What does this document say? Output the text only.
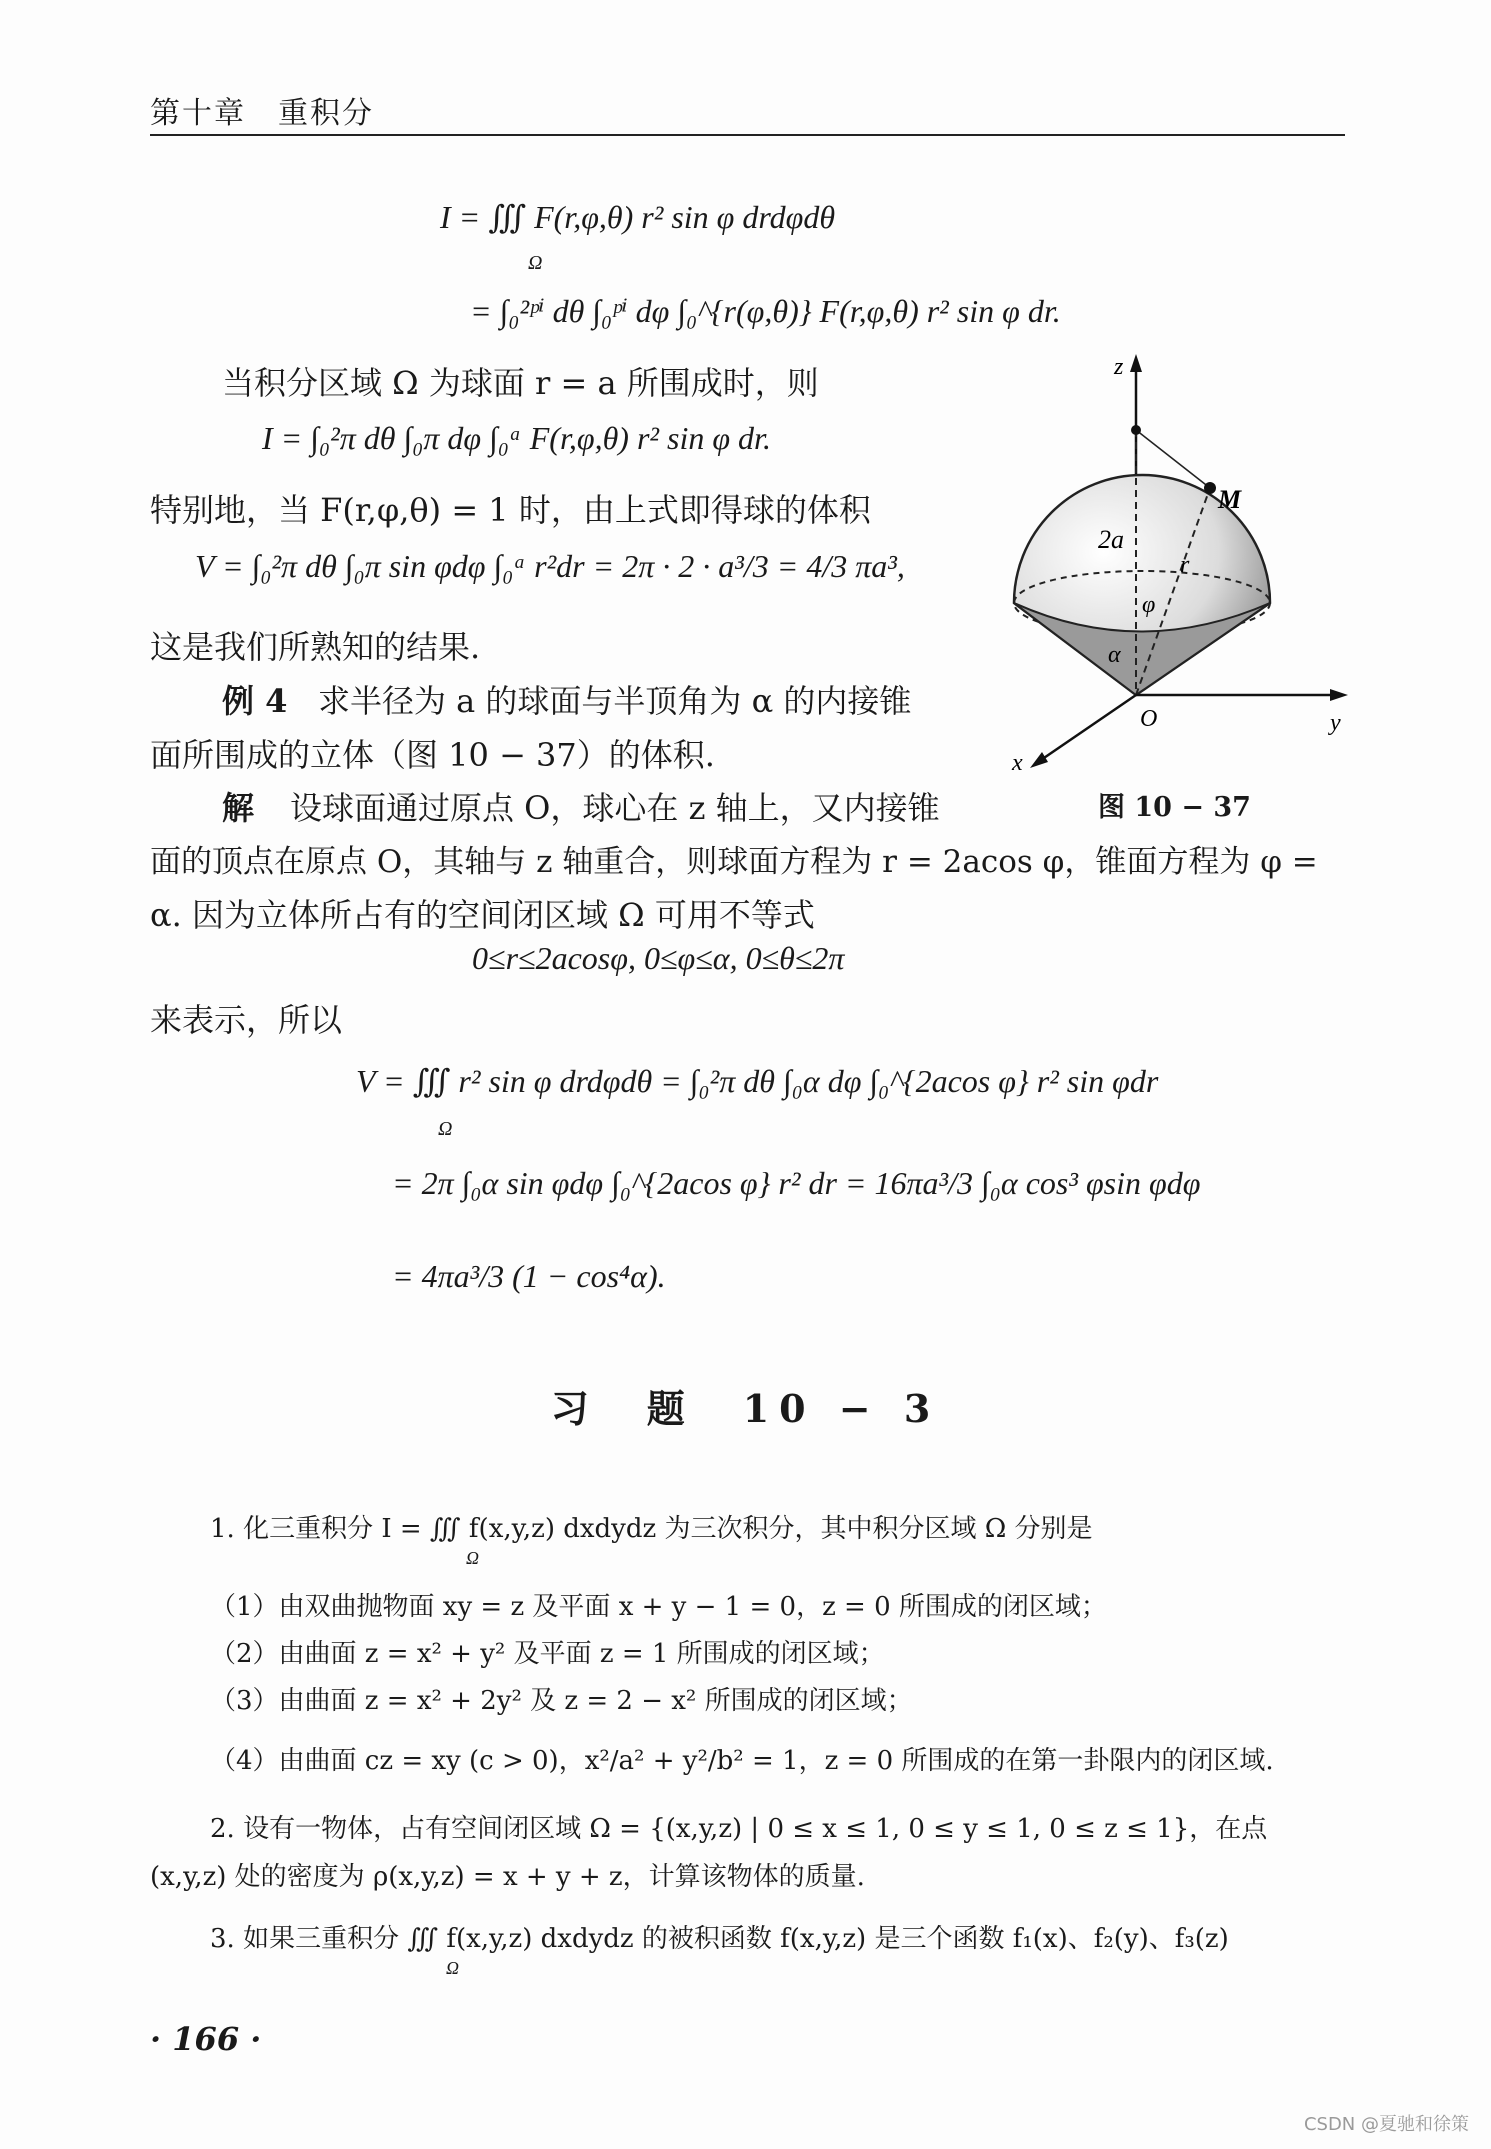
第十章　重积分
I = ∭ F(r,φ,θ) r² sin φ drdφdθ
Ω
= ∫₀²ᵖⁱ dθ ∫₀ᵖⁱ dφ ∫₀^{r(φ,θ)} F(r,φ,θ) r² sin φ dr.
当积分区域 Ω 为球面 r = a 所围成时，则
I = ∫₀²π dθ ∫₀π dφ ∫₀ᵃ F(r,φ,θ) r² sin φ dr.
特别地，当 F(r,φ,θ) = 1 时，由上式即得球的体积
V = ∫₀²π dθ ∫₀π sin φdφ ∫₀ᵃ r²dr = 2π · 2 · a³/3 = 4/3 πa³,
这是我们所熟知的结果.
例 4 求半径为 a 的球面与半顶角为 α 的内接锥
面所围成的立体（图 10 − 37）的体积.
解 设球面通过原点 O，球心在 z 轴上，又内接锥
面的顶点在原点 O，其轴与 z 轴重合，则球面方程为 r = 2acos φ，锥面方程为 φ =
α. 因为立体所占有的空间闭区域 Ω 可用不等式
0≤r≤2acosφ, 0≤φ≤α, 0≤θ≤2π
来表示，所以
V = ∭ r² sin φ drdφdθ = ∫₀²π dθ ∫₀α dφ ∫₀^{2acos φ} r² sin φdr
Ω
= 2π ∫₀α sin φdφ ∫₀^{2acos φ} r² dr = 16πa³/3 ∫₀α cos³ φsin φdφ
= 4πa³/3 (1 − cos⁴α).
z
y
x
O
M
2a
r
φ
α
图 10 − 37
习　题　10 − 3
1. 化三重积分 I = ∭ f(x,y,z) dxdydz 为三次积分，其中积分区域 Ω 分别是
Ω
（1）由双曲抛物面 xy = z 及平面 x + y − 1 = 0，z = 0 所围成的闭区域；
（2）由曲面 z = x² + y² 及平面 z = 1 所围成的闭区域；
（3）由曲面 z = x² + 2y² 及 z = 2 − x² 所围成的闭区域；
（4）由曲面 cz = xy (c > 0)，x²/a² + y²/b² = 1，z = 0 所围成的在第一卦限内的闭区域.
2. 设有一物体，占有空间闭区域 Ω = {(x,y,z) | 0 ≤ x ≤ 1, 0 ≤ y ≤ 1, 0 ≤ z ≤ 1}，在点
(x,y,z) 处的密度为 ρ(x,y,z) = x + y + z，计算该物体的质量.
3. 如果三重积分 ∭ f(x,y,z) dxdydz 的被积函数 f(x,y,z) 是三个函数 f₁(x)、f₂(y)、f₃(z)
Ω
· 166 ·
CSDN @夏驰和徐策
